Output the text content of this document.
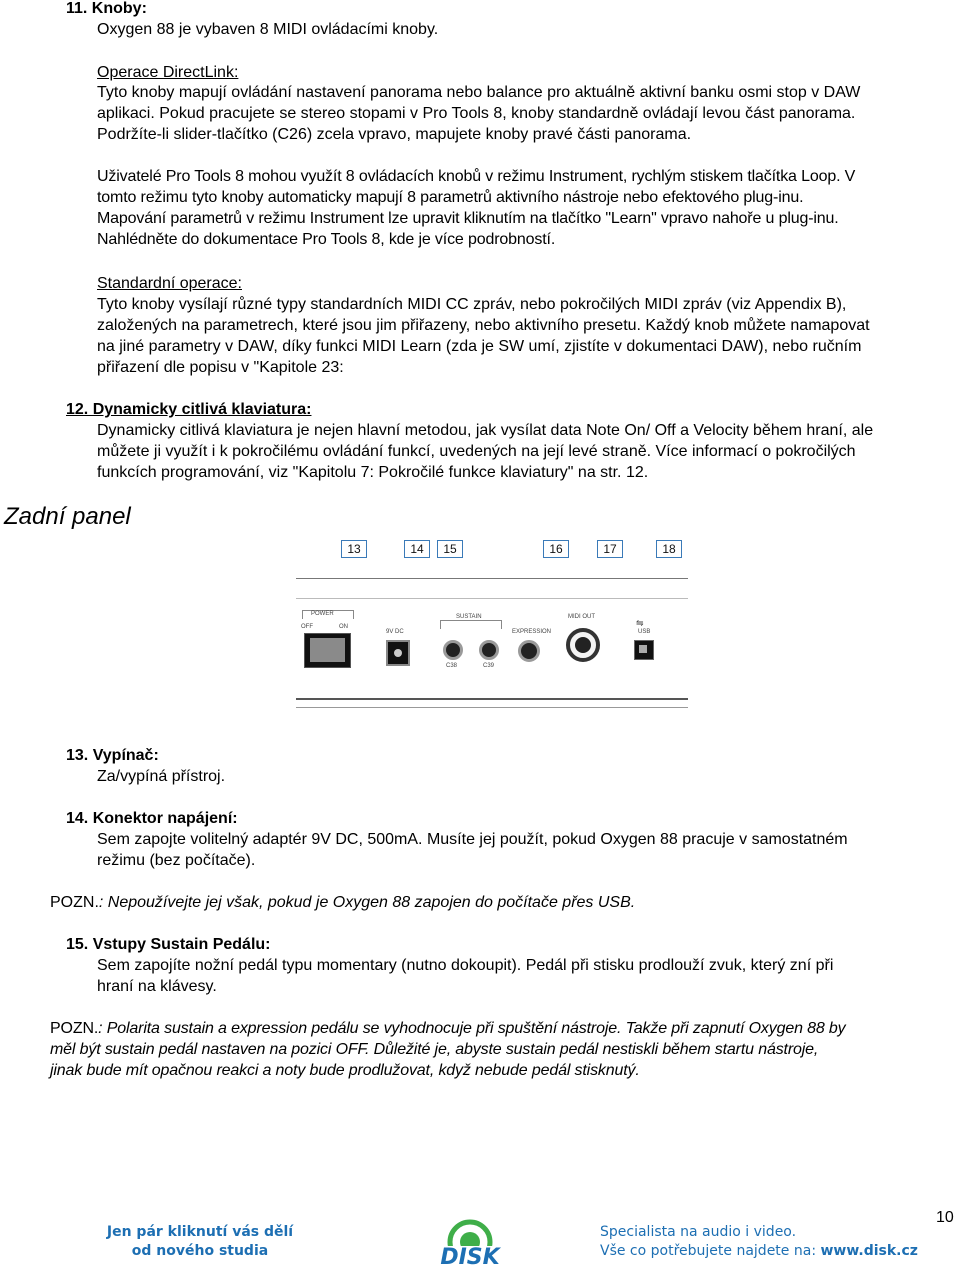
11. Knoby:
Oxygen 88 je vybaven 8 MIDI ovládacími knoby.
Operace DirectLink:
Tyto knoby mapují ovládání nastavení panorama nebo balance pro aktuálně aktivní banku osmi stop v DAW
aplikaci. Pokud pracujete se stereo stopami v Pro Tools 8, knoby standardně ovládají levou část panorama.
Podržíte-li slider-tlačítko (C26) zcela vpravo, mapujete knoby pravé části panorama.
Uživatelé Pro Tools 8 mohou využít 8 ovládacích knobů v režimu Instrument, rychlým stiskem tlačítka Loop. V
tomto režimu tyto knoby automaticky mapují 8 parametrů aktivního nástroje nebo efektového plug-inu.
Mapování parametrů v režimu Instrument lze upravit kliknutím na tlačítko "Learn" vpravo nahoře u plug-inu.
Nahlédněte do dokumentace Pro Tools 8, kde je více podrobností.
Standardní operace:
Tyto knoby vysílají různé typy standardních MIDI CC zpráv, nebo pokročilých MIDI zpráv (viz Appendix B),
založených na parametrech, které jsou jim přiřazeny, nebo aktivního presetu. Každý knob můžete namapovat
na jiné parametry v DAW, díky funkci MIDI Learn (zda je SW umí, zjistíte v dokumentaci DAW), nebo ručním
přiřazení dle popisu v "Kapitole 23:
12. Dynamicky citlivá klaviatura:
Dynamicky citlivá klaviatura je nejen hlavní metodou, jak vysílat data Note On/ Off a Velocity během hraní, ale
můžete ji využít i k pokročilému ovládání funkcí, uvedených na její levé straně. Více informací o pokročilých
funkcích programování, viz "Kapitolu 7: Pokročilé funkce klaviatury" na str. 12.
Zadní panel
13	14	15	16	17	18
POWER
OFF	ON
9V DC
SUSTAIN
C38	C39
EXPRESSION
MIDI OUT
⇋
USB
13. Vypínač:
Za/vypíná přístroj.
14. Konektor napájení:
Sem zapojte volitelný adaptér 9V DC, 500mA. Musíte jej použít, pokud Oxygen 88 pracuje v samostatném
režimu (bez počítače).
POZN.: Nepoužívejte jej však, pokud je Oxygen 88 zapojen do počítače přes USB.
15. Vstupy Sustain Pedálu:
Sem zapojíte nožní pedál typu momentary (nutno dokoupit). Pedál při stisku prodlouží zvuk, který zní při
hraní na klávesy.
POZN.: Polarita sustain a expression pedálu se vyhodnocuje při spuštění nástroje. Takže při zapnutí Oxygen 88 by
měl být sustain pedál nastaven na pozici OFF. Důležité je, abyste sustain pedál nestiskli během startu nástroje,
jinak bude mít opačnou reakci a noty bude prodlužovat, když nebude pedál stisknutý.
10
Jen pár kliknutí vás dělí
od nového studia	DISK
Specialista na audio i video.
Vše co potřebujete najdete na: www.disk.cz
